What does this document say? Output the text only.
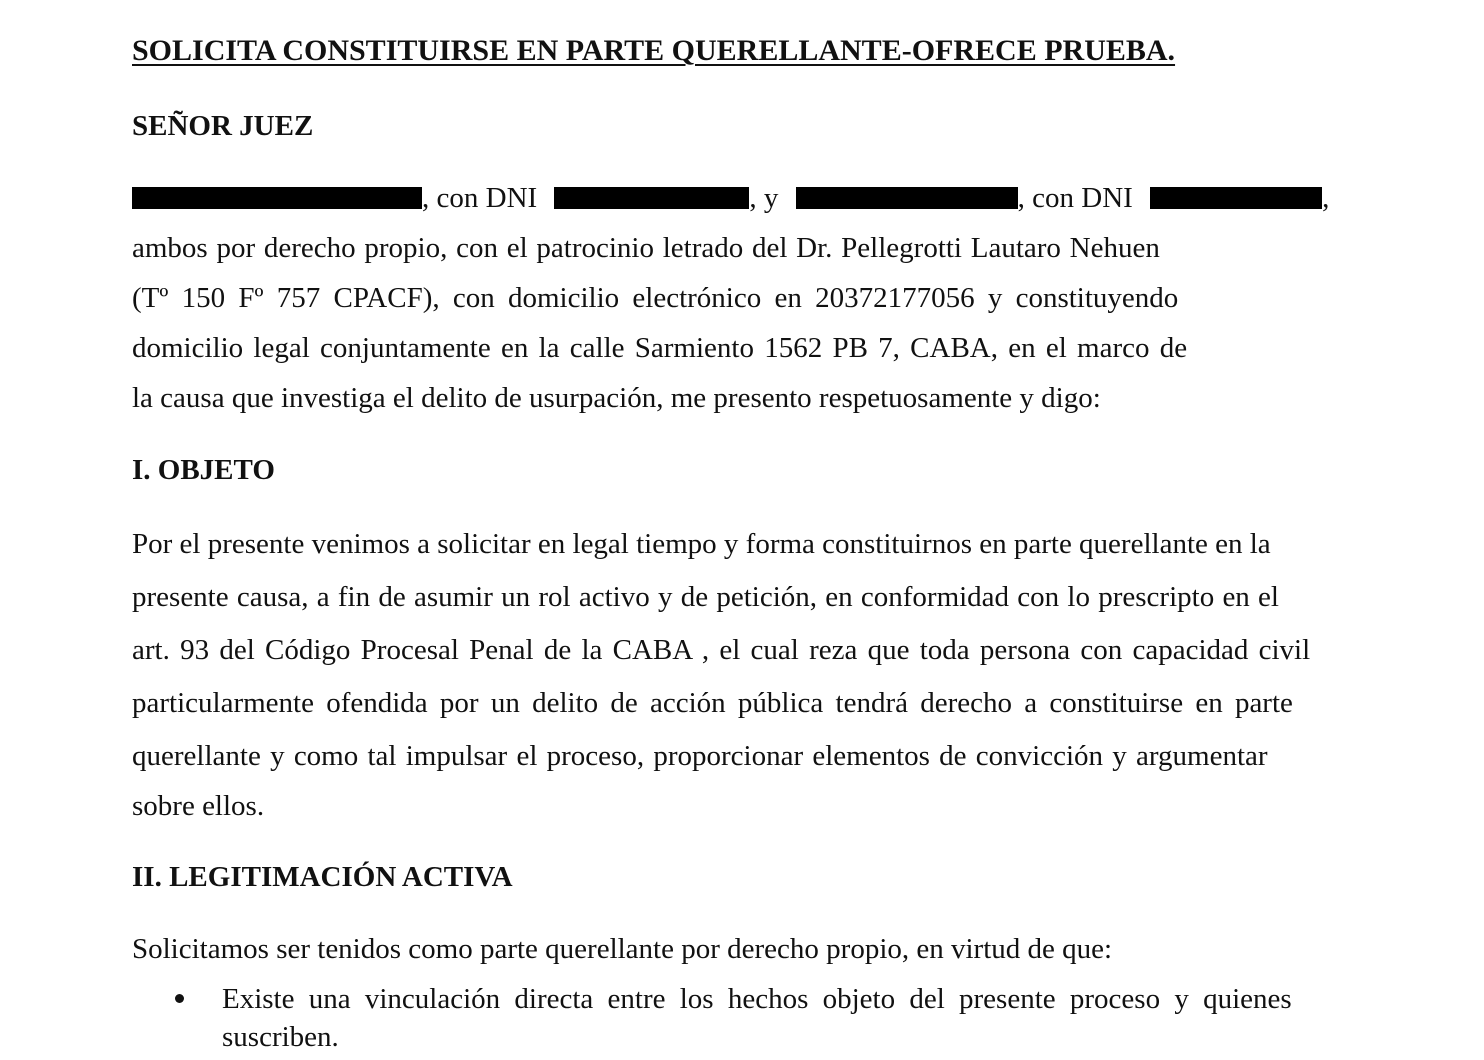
SOLICITA CONSTITUIRSE EN PARTE QUERELLANTE-OFRECE PRUEBA.
SEÑOR JUEZ
, con DNI	, y	, con DNI	,
ambos por derecho propio, con el patrocinio letrado del Dr. Pellegrotti Lautaro Nehuen
(Tº 150 Fº 757 CPACF), con domicilio electrónico en 20372177056 y constituyendo
domicilio legal conjuntamente en la calle Sarmiento 1562 PB 7, CABA, en el marco de
la causa que investiga el delito de usurpación, me presento respetuosamente y digo:
I. OBJETO
Por el presente venimos a solicitar en legal tiempo y forma constituirnos en parte querellante en la
presente causa, a fin de asumir un rol activo y de petición, en conformidad con lo prescripto en el
art. 93 del Código Procesal Penal de la CABA , el cual reza que toda persona con capacidad civil
particularmente ofendida por un delito de acción pública tendrá derecho a constituirse en parte
querellante y como tal impulsar el proceso, proporcionar elementos de convicción y argumentar
sobre ellos.
II. LEGITIMACIÓN ACTIVA
Solicitamos ser tenidos como parte querellante por derecho propio, en virtud de que:
Existe una vinculación directa entre los hechos objeto del presente proceso y quienes
suscriben.
